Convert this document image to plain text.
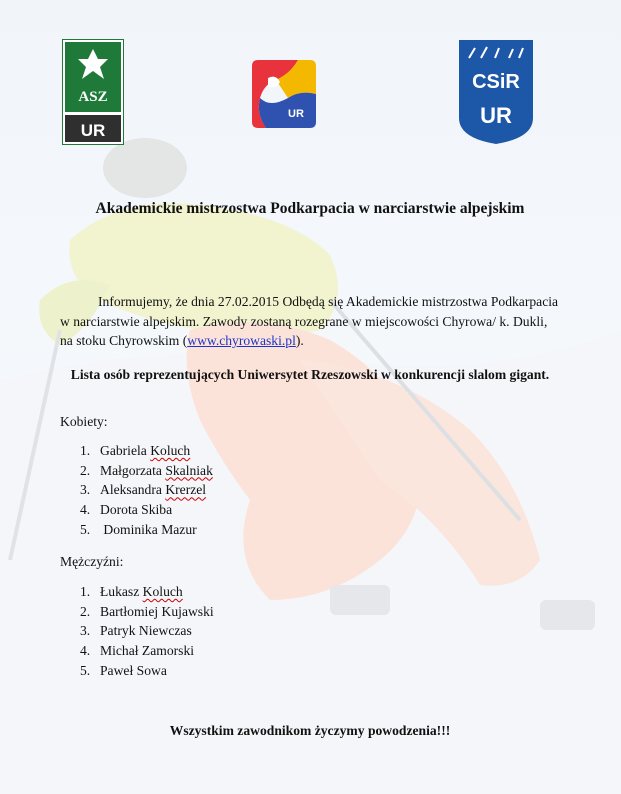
ASZ
UR
UR
CSiR
UR
Akademickie mistrzostwa Podkarpacia w narciarstwie alpejskim

Informujemy, że dnia 27.02.2015 Odbędą się Akademickie mistrzostwa Podkarpacia w narciarstwie alpejskim. Zawody zostaną rozegrane w miejscowości Chyrowa/ k. Dukli, na stoku Chyrowskim (www.chyrowaski.pl).

Lista osób reprezentujących Uniwersytet Rzeszowski w konkurencji slalom gigant.
Kobiety:
1. Gabriela Koluch
2. Małgorzata Skalniak
3. Aleksandra Krerzel
4. Dorota Skiba
5. Dominika Mazur
Mężczyźni:
1. Łukasz Koluch
2. Bartłomiej Kujawski
3. Patryk Niewczas
4. Michał Zamorski
5. Paweł Sowa
Wszystkim zawodnikom życzymy powodzenia!!!
